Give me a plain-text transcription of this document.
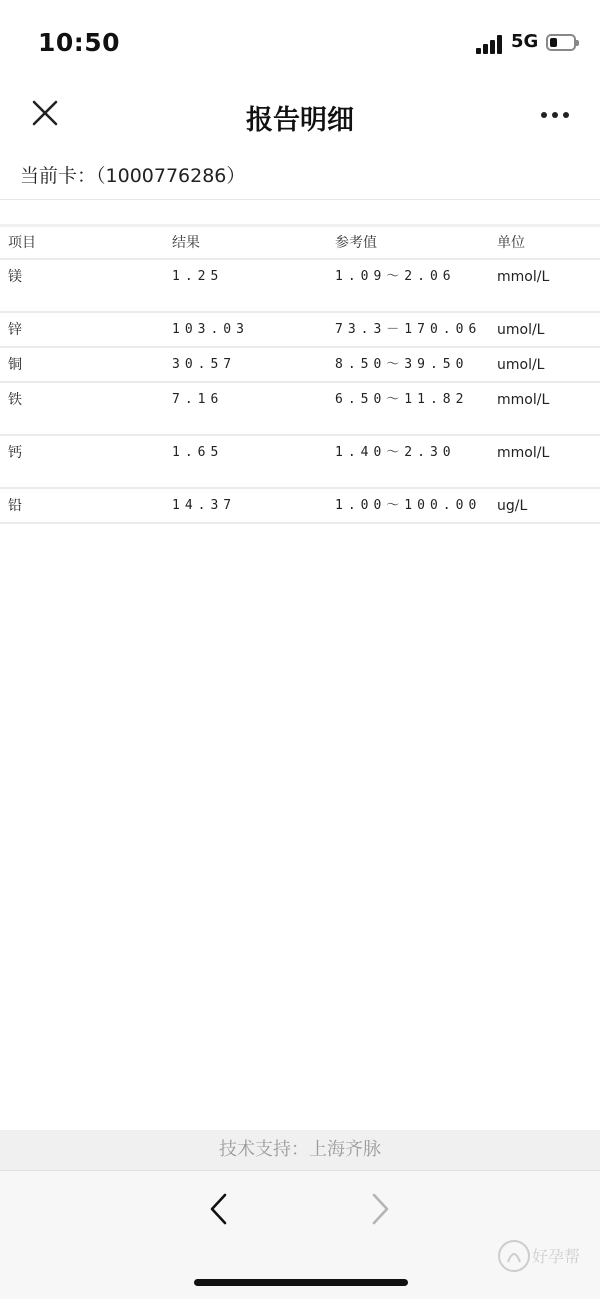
10:50	5G
报告明细
当前卡：（1000776286）
项目	结果	参考值	单位
镁	1.25	1.09～2.06	mmol/L
锌	103.03	73.3－170.06 umol/L
铜	30.57	8.50～39.50 umol/L
铁	7.16	6.50～11.82 mmol/L
钙	1.65	1.40～2.30	mmol/L
铅	14.37	1.00～100.00 ug/L
技术支持：上海齐脉
好孕帮
